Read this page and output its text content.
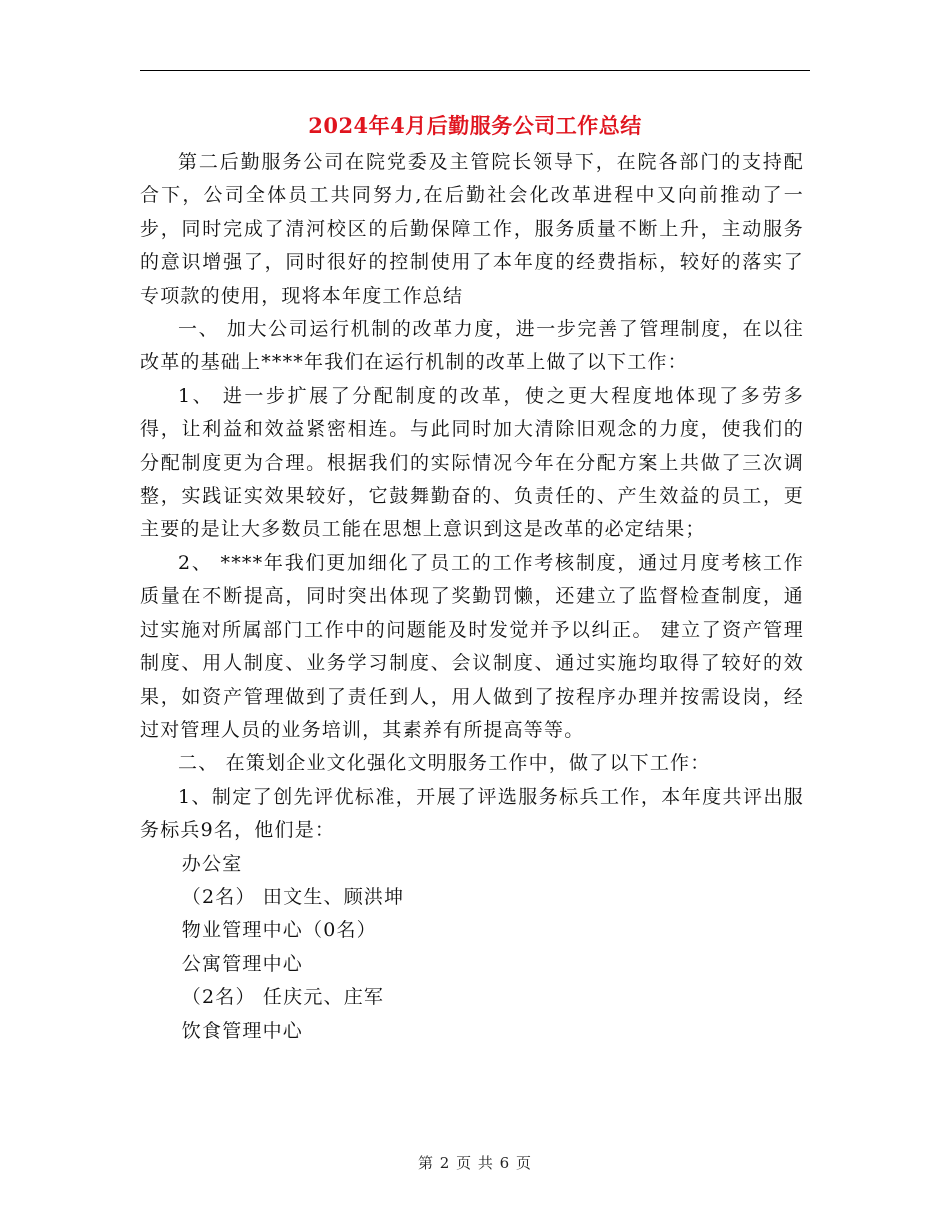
2024年4月后勤服务公司工作总结

第二后勤服务公司在院党委及主管院长领导下，在院各部门的支持配合下，公司全体员工共同努力,在后勤社会化改革进程中又向前推动了一步，同时完成了清河校区的后勤保障工作，服务质量不断上升，主动服务的意识增强了，同时很好的控制使用了本年度的经费指标，较好的落实了专项款的使用，现将本年度工作总结

一、 加大公司运行机制的改革力度，进一步完善了管理制度，在以往改革的基础上****年我们在运行机制的改革上做了以下工作：

1、 进一步扩展了分配制度的改革，使之更大程度地体现了多劳多得，让利益和效益紧密相连。与此同时加大清除旧观念的力度，使我们的分配制度更为合理。根据我们的实际情况今年在分配方案上共做了三次调整，实践证实效果较好，它鼓舞勤奋的、负责任的、产生效益的员工，更主要的是让大多数员工能在思想上意识到这是改革的必定结果；

2、 ****年我们更加细化了员工的工作考核制度，通过月度考核工作质量在不断提高，同时突出体现了奖勤罚懒，还建立了监督检查制度，通过实施对所属部门工作中的问题能及时发觉并予以纠正。 建立了资产管理制度、用人制度、业务学习制度、会议制度、通过实施均取得了较好的效果，如资产管理做到了责任到人，用人做到了按程序办理并按需设岗，经过对管理人员的业务培训，其素养有所提高等等。

二、 在策划企业文化强化文明服务工作中，做了以下工作：

1、制定了创先评优标准，开展了评选服务标兵工作，本年度共评出服务标兵9名，他们是：

办公室

（2名） 田文生、顾洪坤

物业管理中心（0名）

公寓管理中心

（2名） 任庆元、庄军

饮食管理中心

第 2 页 共 6 页
